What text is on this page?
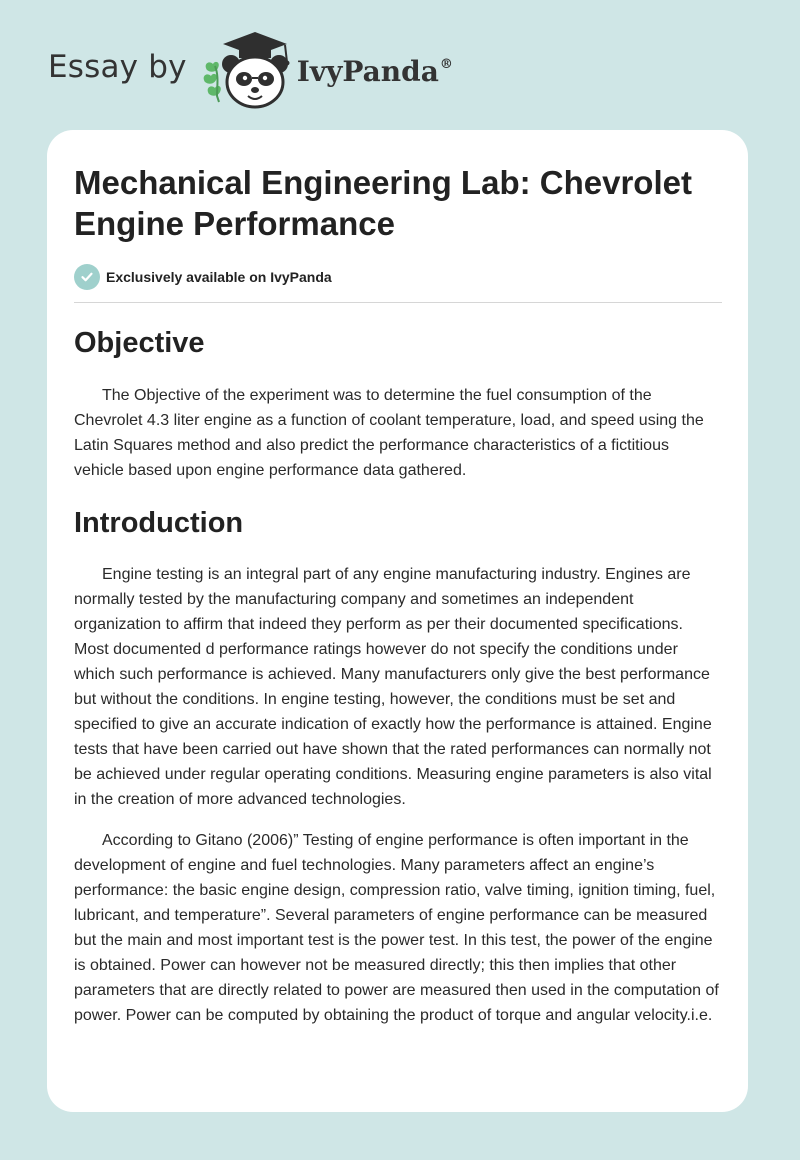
Essay by	IvyPanda®
Mechanical Engineering Lab: Chevrolet Engine Performance
Exclusively available on IvyPanda
Objective

The Objective of the experiment was to determine the fuel consumption of the Chevrolet 4.3 liter engine as a function of coolant temperature, load, and speed using the Latin Squares method and also predict the performance characteristics of a fictitious vehicle based upon engine performance data gathered.

Introduction

Engine testing is an integral part of any engine manufacturing industry. Engines are normally tested by the manufacturing company and sometimes an independent organization to affirm that indeed they perform as per their documented specifications. Most documented d performance ratings however do not specify the conditions under which such performance is achieved. Many manufacturers only give the best performance but without the conditions. In engine testing, however, the conditions must be set and specified to give an accurate indication of exactly how the performance is attained. Engine tests that have been carried out have shown that the rated performances can normally not be achieved under regular operating conditions. Measuring engine parameters is also vital in the creation of more advanced technologies.

According to Gitano (2006)” Testing of engine performance is often important in the development of engine and fuel technologies. Many parameters affect an engine’s performance: the basic engine design, compression ratio, valve timing, ignition timing, fuel, lubricant, and temperature”. Several parameters of engine performance can be measured but the main and most important test is the power test. In this test, the power of the engine is obtained. Power can however not be measured directly; this then implies that other parameters that are directly related to power are measured then used in the computation of power. Power can be computed by obtaining the product of torque and angular velocity.i.e.
